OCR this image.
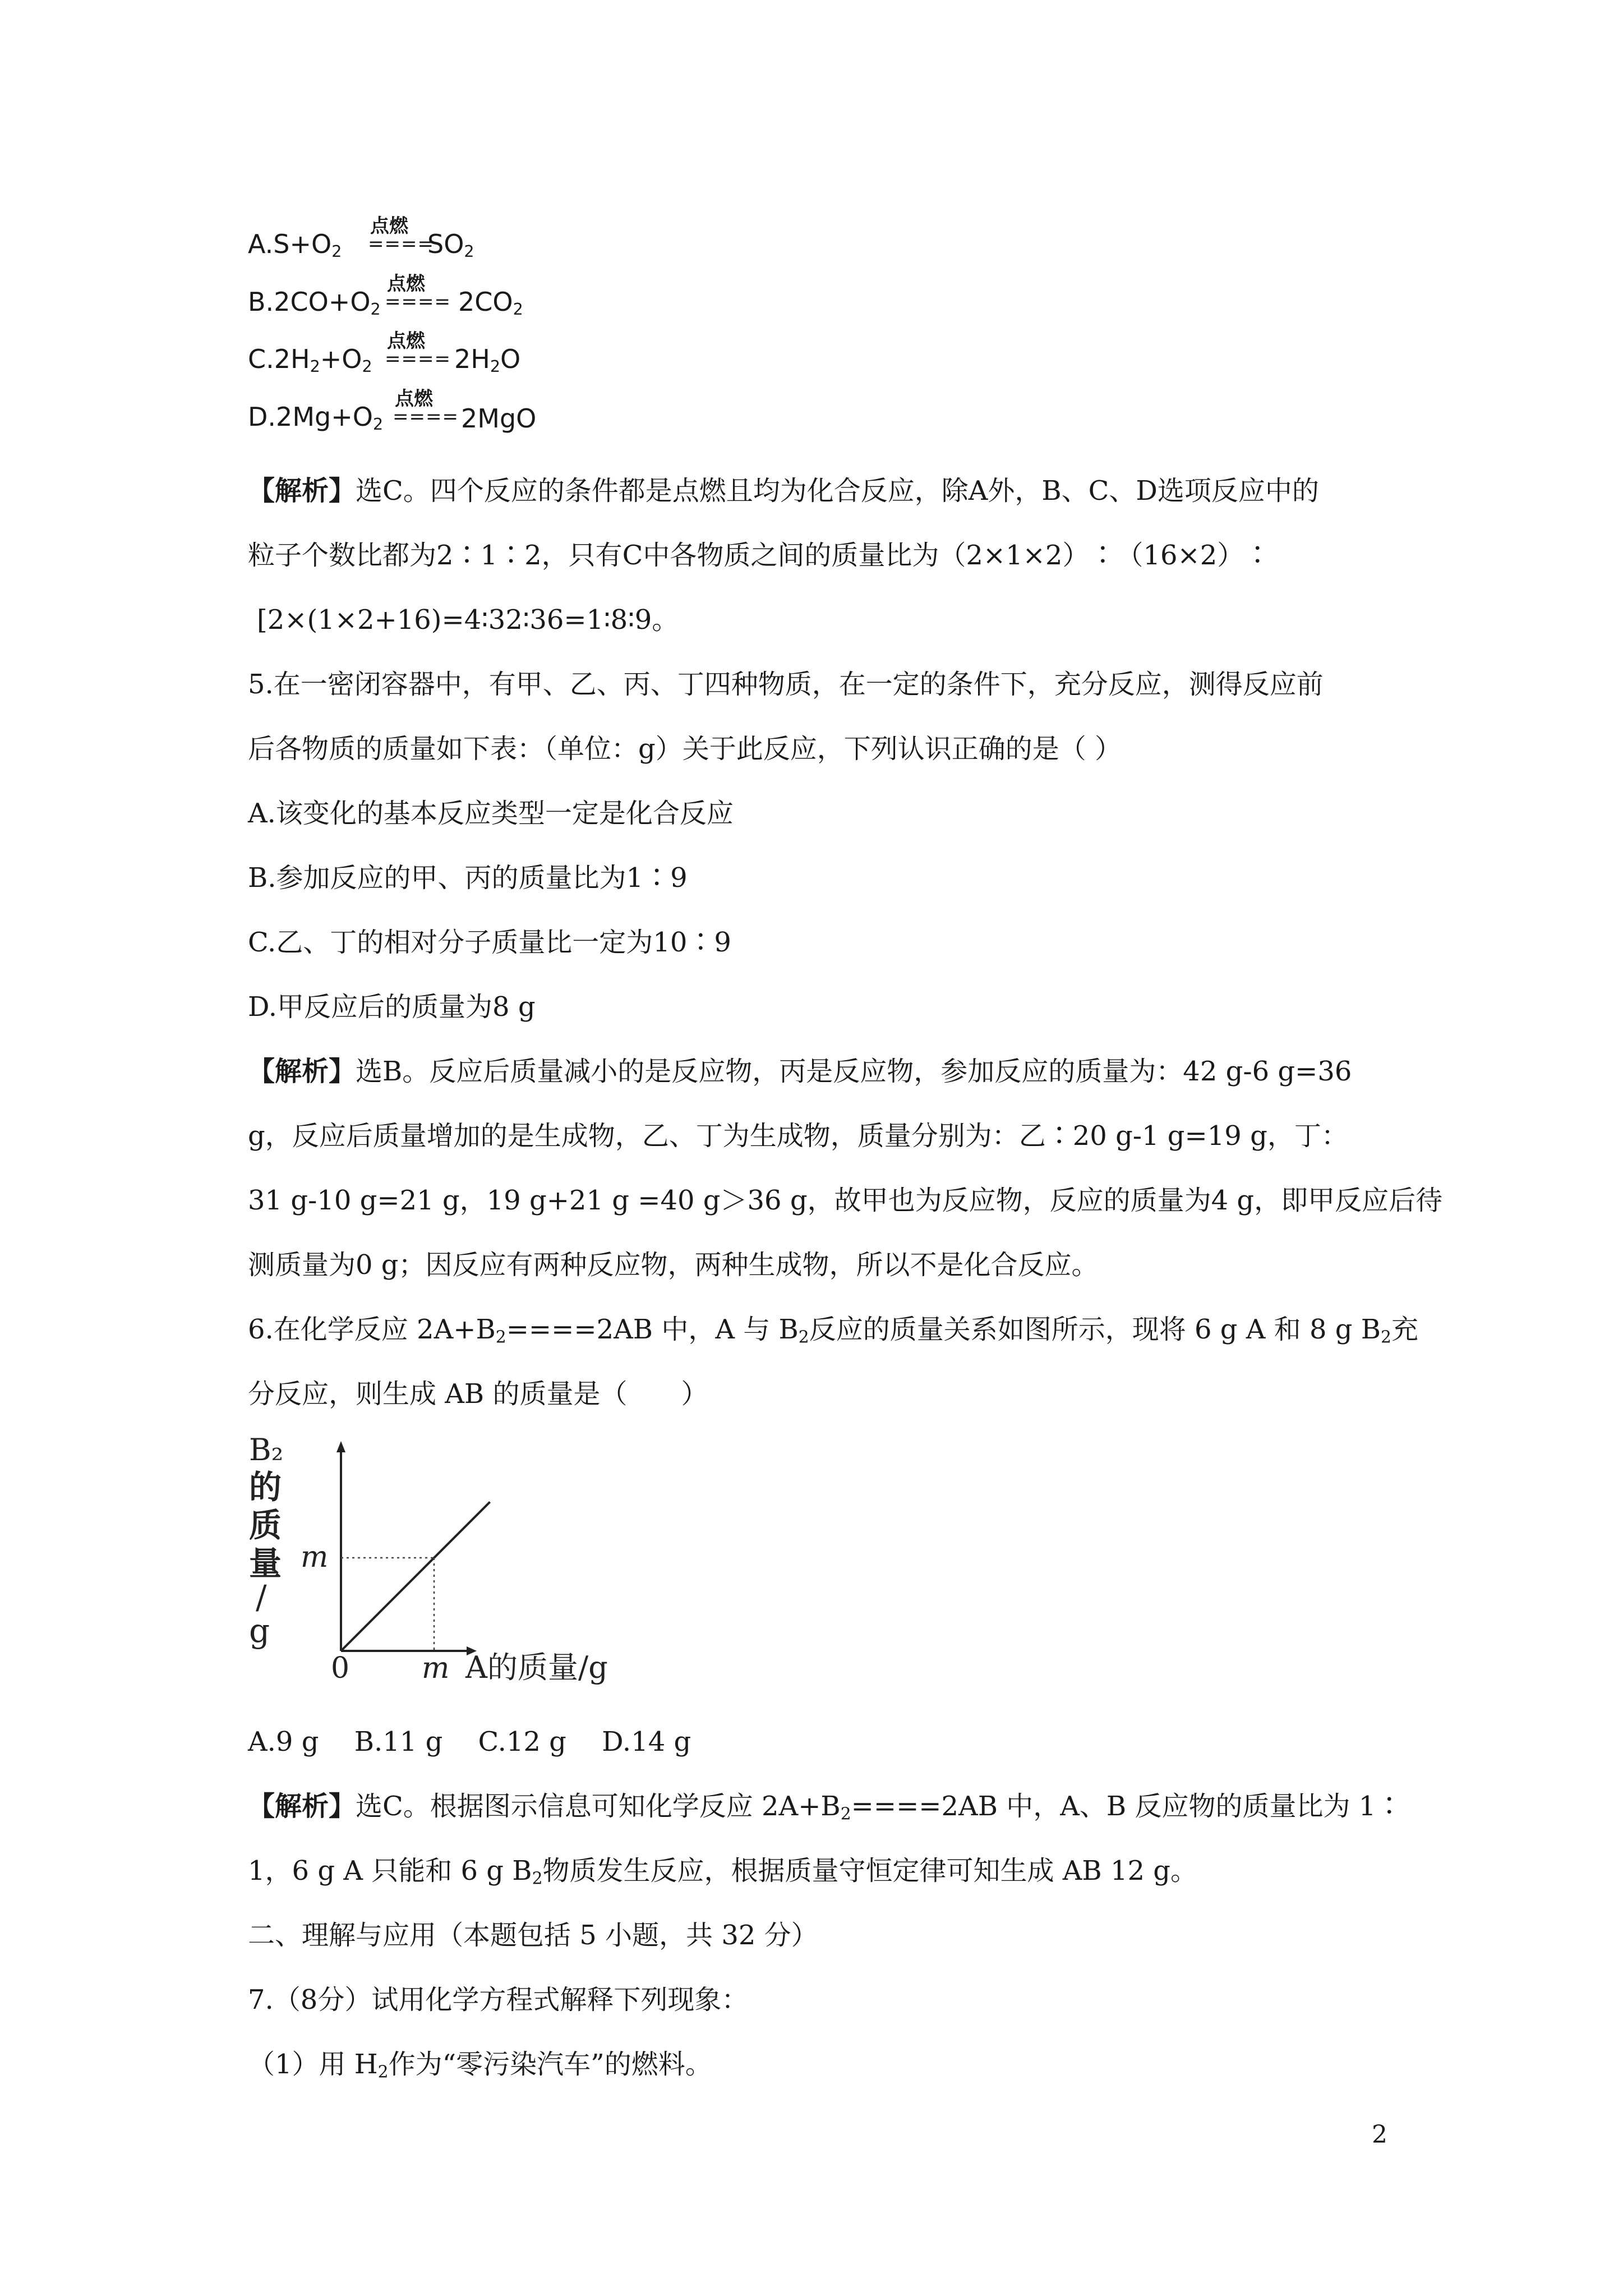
$A.S+O_2$
点燃
====
$SO_2$
$B.2CO+O_2$
点燃
==== $2CO_2$
$C.2H_2+O_2$
点燃
==== $2H_2O$
$D.2Mg+O_2$
点燃
==== 2MgO
【解析】选C。四个反应的条件都是点燃且均为化合反应，除A外，B、C、D选项反应中的
粒子个数比都为2∶1∶2，只有C中各物质之间的质量比为（2×1×2）∶（16×2）∶
[2×(1×2+16)=4∶32∶36=1∶8∶9。
5.在一密闭容器中，有甲、乙、丙、丁四种物质，在一定的条件下，充分反应，测得反应前
后各物质的质量如下表：（单位：g）关于此反应，下列认识正确的是（ ）
A.该变化的基本反应类型一定是化合反应
B.参加反应的甲、丙的质量比为1∶9
C.乙、丁的相对分子质量比一定为10∶9
D.甲反应后的质量为8 g
【解析】选B。反应后质量减小的是反应物，丙是反应物，参加反应的质量为：42 g-6 g=36
g，反应后质量增加的是生成物，乙、丁为生成物，质量分别为：乙∶20 g-1 g=19 g，丁：
31 g-10 g=21 g，19 g+21 g =40 g＞36 g，故甲也为反应物，反应的质量为4 g，即甲反应后待
测质量为0 g；因反应有两种反应物，两种生成物，所以不是化合反应。
6.在化学反应 $2A+B_2====2AB$ 中，A 与 $B_2$反应的质量关系如图所示，现将 6 g A 和 8 g $B_2$充
分反应，则生成 AB 的质量是（　　）
B₂
的
质
量
/
g
0 m
m
A的质量/g
A.9 g　 B.11 g　 C.12 g　 D.14 g
【解析】选C。根据图示信息可知化学反应 $2A+B_2====2AB$ 中，A、B 反应物的质量比为 1∶
1，6 g A 只能和 6 g $B_2$物质发生反应，根据质量守恒定律可知生成 AB 12 g。
二、理解与应用（本题包括 5 小题，共 32 分）
7.（8分）试用化学方程式解释下列现象：
（1）用 $H_2$作为“零污染汽车”的燃料。
2
